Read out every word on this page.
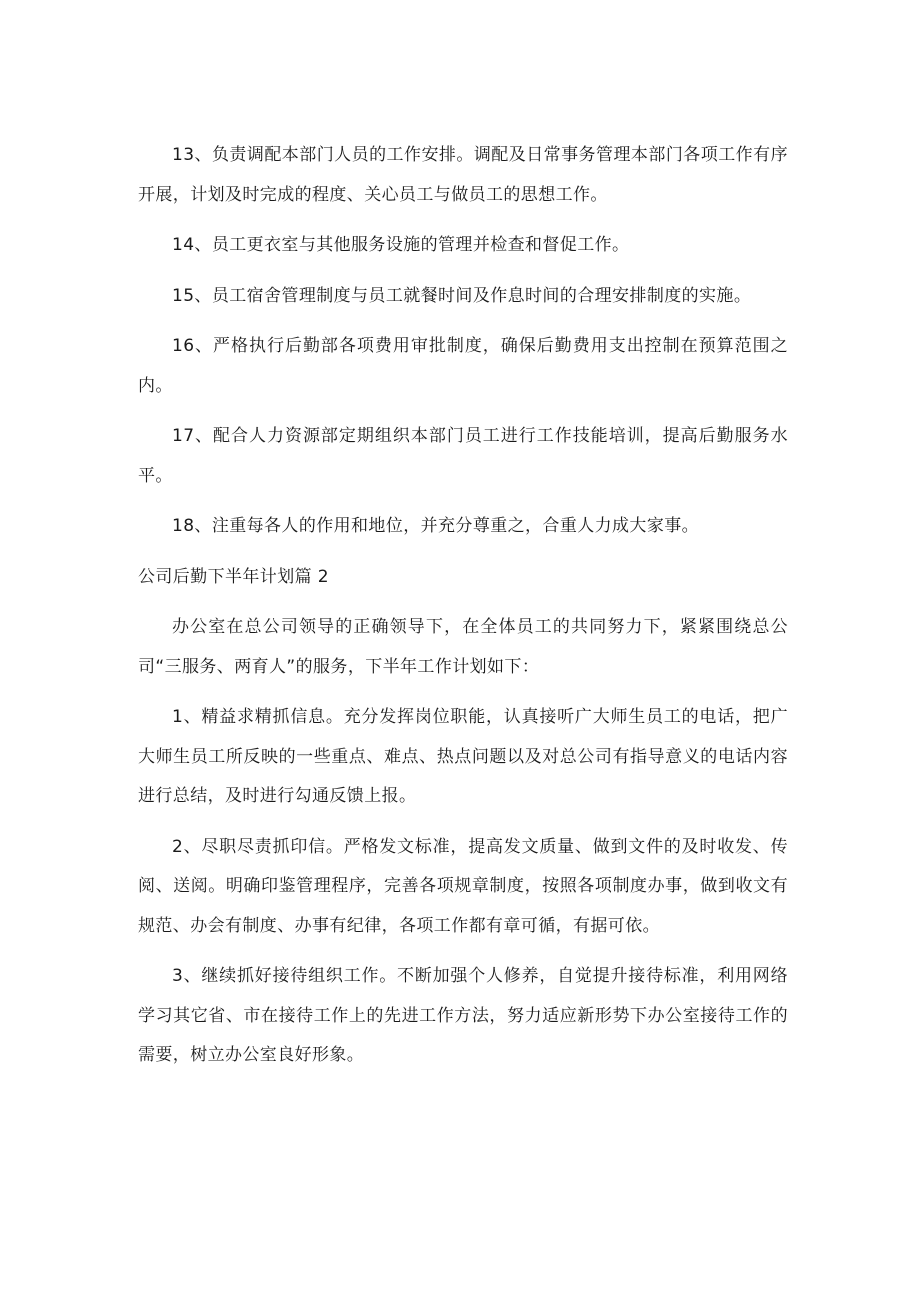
13、负责调配本部门人员的工作安排。调配及日常事务管理本部门各项工作有序开展，计划及时完成的程度、关心员工与做员工的思想工作。

14、员工更衣室与其他服务设施的管理并检查和督促工作。

15、员工宿舍管理制度与员工就餐时间及作息时间的合理安排制度的实施。

16、严格执行后勤部各项费用审批制度，确保后勤费用支出控制在预算范围之内。

17、配合人力资源部定期组织本部门员工进行工作技能培训，提高后勤服务水平。

18、注重每各人的作用和地位，并充分尊重之，合重人力成大家事。

公司后勤下半年计划篇 2

办公室在总公司领导的正确领导下，在全体员工的共同努力下，紧紧围绕总公司“三服务、两育人”的服务，下半年工作计划如下：

1、精益求精抓信息。充分发挥岗位职能，认真接听广大师生员工的电话，把广大师生员工所反映的一些重点、难点、热点问题以及对总公司有指导意义的电话内容进行总结，及时进行勾通反馈上报。

2、尽职尽责抓印信。严格发文标准，提高发文质量、做到文件的及时收发、传阅、送阅。明确印鉴管理程序，完善各项规章制度，按照各项制度办事，做到收文有规范、办会有制度、办事有纪律，各项工作都有章可循，有据可依。

3、继续抓好接待组织工作。不断加强个人修养，自觉提升接待标准，利用网络学习其它省、市在接待工作上的先进工作方法，努力适应新形势下办公室接待工作的需要，树立办公室良好形象。
